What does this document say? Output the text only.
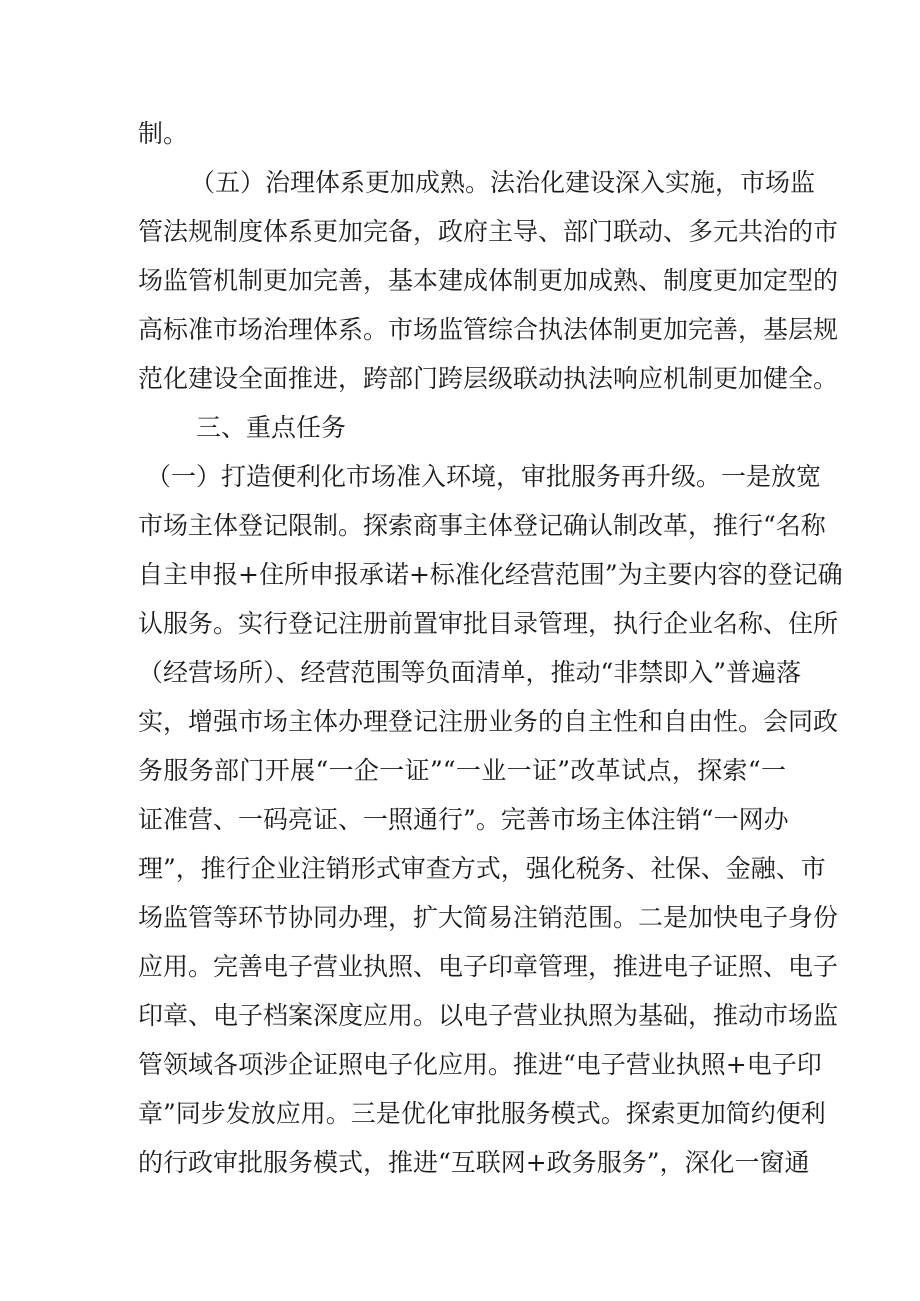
制。
（五）治理体系更加成熟。法治化建设深入实施，市场监
管法规制度体系更加完备，政府主导、部门联动、多元共治的市
场监管机制更加完善，基本建成体制更加成熟、制度更加定型的
高标准市场治理体系。市场监管综合执法体制更加完善，基层规
范化建设全面推进，跨部门跨层级联动执法响应机制更加健全。
三、重点任务
（一）打造便利化市场准入环境，审批服务再升级。一是放宽
市场主体登记限制。探索商事主体登记确认制改革，推行“名称
自主申报+住所申报承诺+标准化经营范围”为主要内容的登记确
认服务。实行登记注册前置审批目录管理，执行企业名称、住所
（经营场所）、经营范围等负面清单，推动“非禁即入”普遍落
实，增强市场主体办理登记注册业务的自主性和自由性。会同政
务服务部门开展“一企一证”“一业一证”改革试点，探索“一
证准营、一码亮证、一照通行”。完善市场主体注销“一网办
理”，推行企业注销形式审查方式，强化税务、社保、金融、市
场监管等环节协同办理，扩大简易注销范围。二是加快电子身份
应用。完善电子营业执照、电子印章管理，推进电子证照、电子
印章、电子档案深度应用。以电子营业执照为基础，推动市场监
管领域各项涉企证照电子化应用。推进“电子营业执照+电子印
章”同步发放应用。三是优化审批服务模式。探索更加简约便利
的行政审批服务模式，推进“互联网+政务服务”，深化一窗通
